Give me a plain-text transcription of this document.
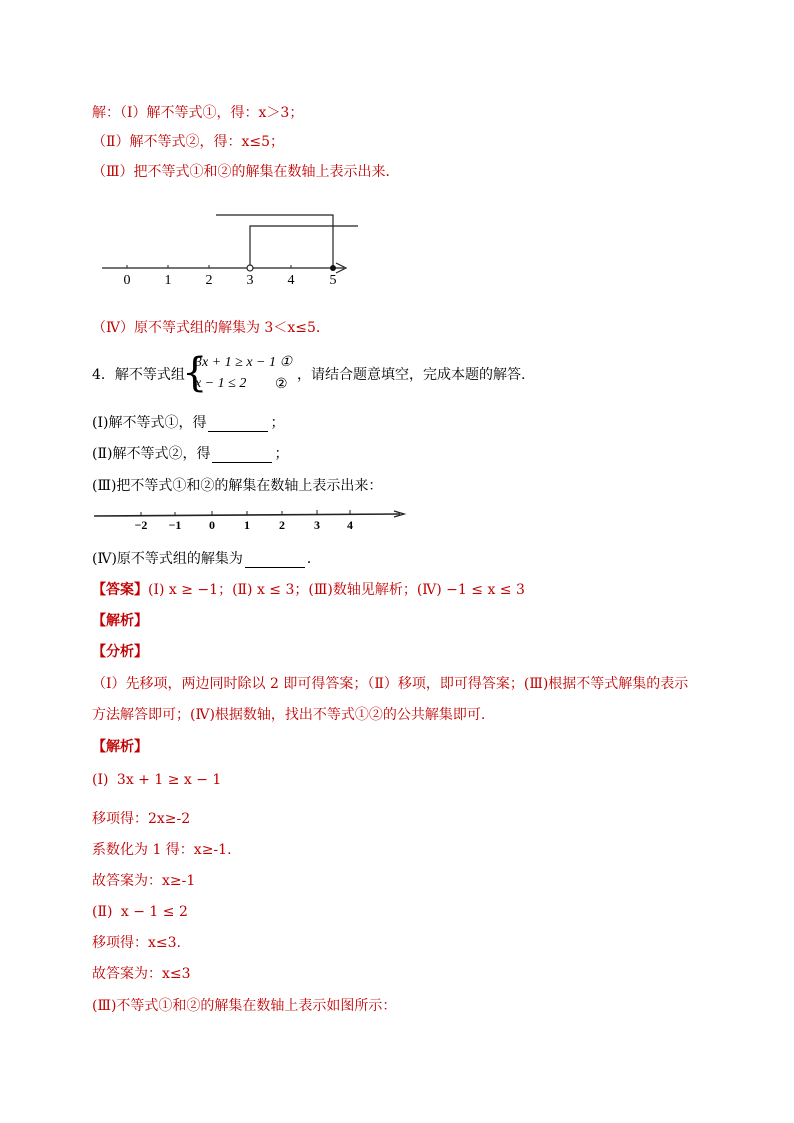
解：（Ⅰ）解不等式①，得：x＞3；
（Ⅱ）解不等式②，得：x≤5；
（Ⅲ）把不等式①和②的解集在数轴上表示出来．
0 1 2 3 4	5
（Ⅳ）原不等式组的解集为 3＜x≤5．
4．解不等式组
{
3x + 1 ≥ x − 1 ①
x − 1 ≤ 2 ②
，请结合题意填空，完成本题的解答.
(Ⅰ)解不等式①，得	；
(Ⅱ)解不等式②，得	；
(Ⅲ)把不等式①和②的解集在数轴上表示出来：
−2 −1 0 1 2 3 4
(Ⅳ)原不等式组的解集为	．
【答案】(Ⅰ) x ≥ −1；(Ⅱ) x ≤ 3；(Ⅲ)数轴见解析；(Ⅳ) −1 ≤ x ≤ 3
【解析】
【分析】
（Ⅰ）先移项，两边同时除以 2 即可得答案；（Ⅱ）移项，即可得答案；(Ⅲ)根据不等式解集的表示
方法解答即可；(Ⅳ)根据数轴，找出不等式①②的公共解集即可.
【解析】
(Ⅰ) 3x + 1 ≥ x − 1
移项得：2x≥-2
系数化为 1 得：x≥-1.
故答案为：x≥-1
(Ⅱ) x − 1 ≤ 2
移项得：x≤3.
故答案为：x≤3
(Ⅲ)不等式①和②的解集在数轴上表示如图所示：
